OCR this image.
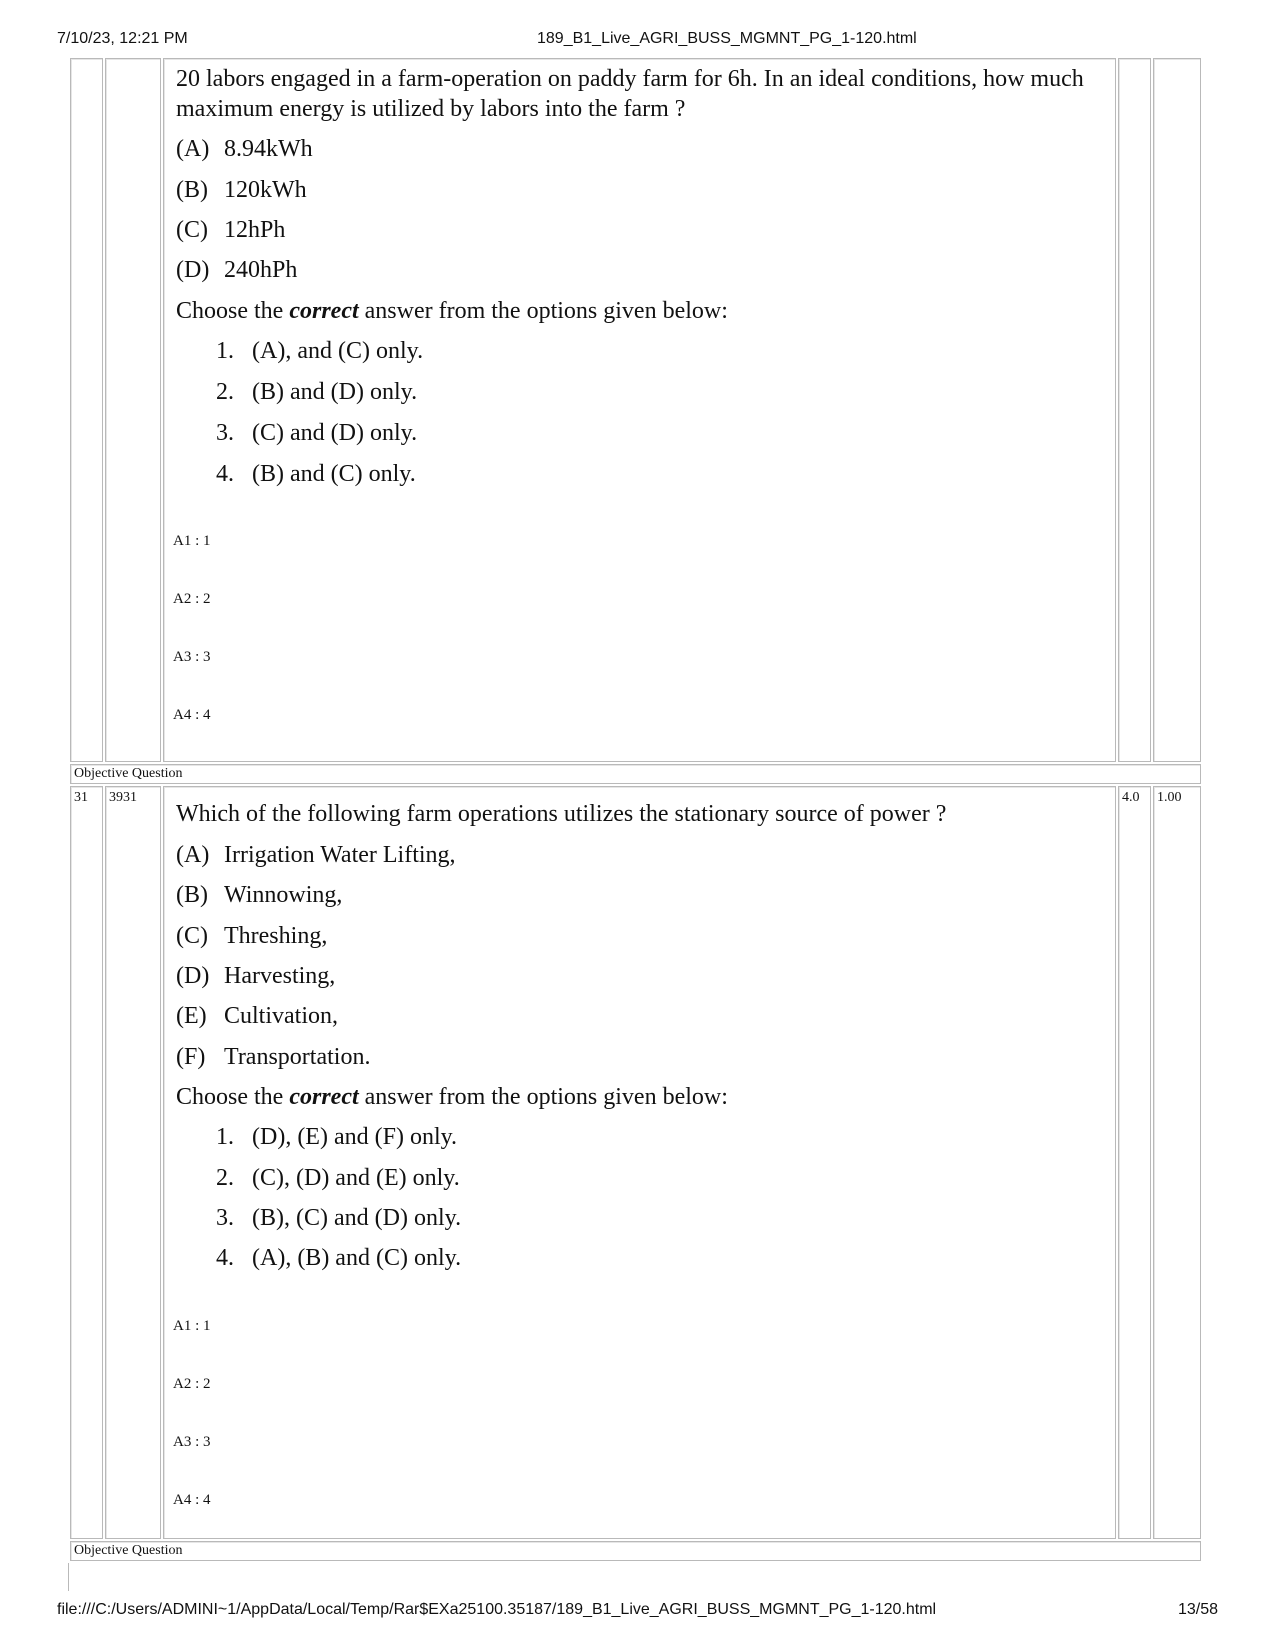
7/10/23, 12:21 PM	189_B1_Live_AGRI_BUSS_MGMNT_PG_1-120.html
20 labors engaged in a farm-operation on paddy farm for 6h. In an ideal conditions, how much maximum energy is utilized by labors into the farm ?
(A) 8.94kWh
(B) 120kWh
(C) 12hPh
(D) 240hPh
Choose the correct answer from the options given below:
1. (A), and (C) only.
2. (B) and (D) only.
3. (C) and (D) only.
4. (B) and (C) only.
A1 : 1
A2 : 2
A3 : 3
A4 : 4
Objective Question
31	3931	4.0	1.00
Which of the following farm operations utilizes the stationary source of power ?
(A) Irrigation Water Lifting,
(B) Winnowing,
(C) Threshing,
(D) Harvesting,
(E) Cultivation,
(F) Transportation.
Choose the correct answer from the options given below:
1. (D), (E) and (F) only.
2. (C), (D) and (E) only.
3. (B), (C) and (D) only.
4. (A), (B) and (C) only.
A1 : 1
A2 : 2
A3 : 3
A4 : 4
Objective Question
file:///C:/Users/ADMINI~1/AppData/Local/Temp/Rar$EXa25100.35187/189_B1_Live_AGRI_BUSS_MGMNT_PG_1-120.html	13/58
